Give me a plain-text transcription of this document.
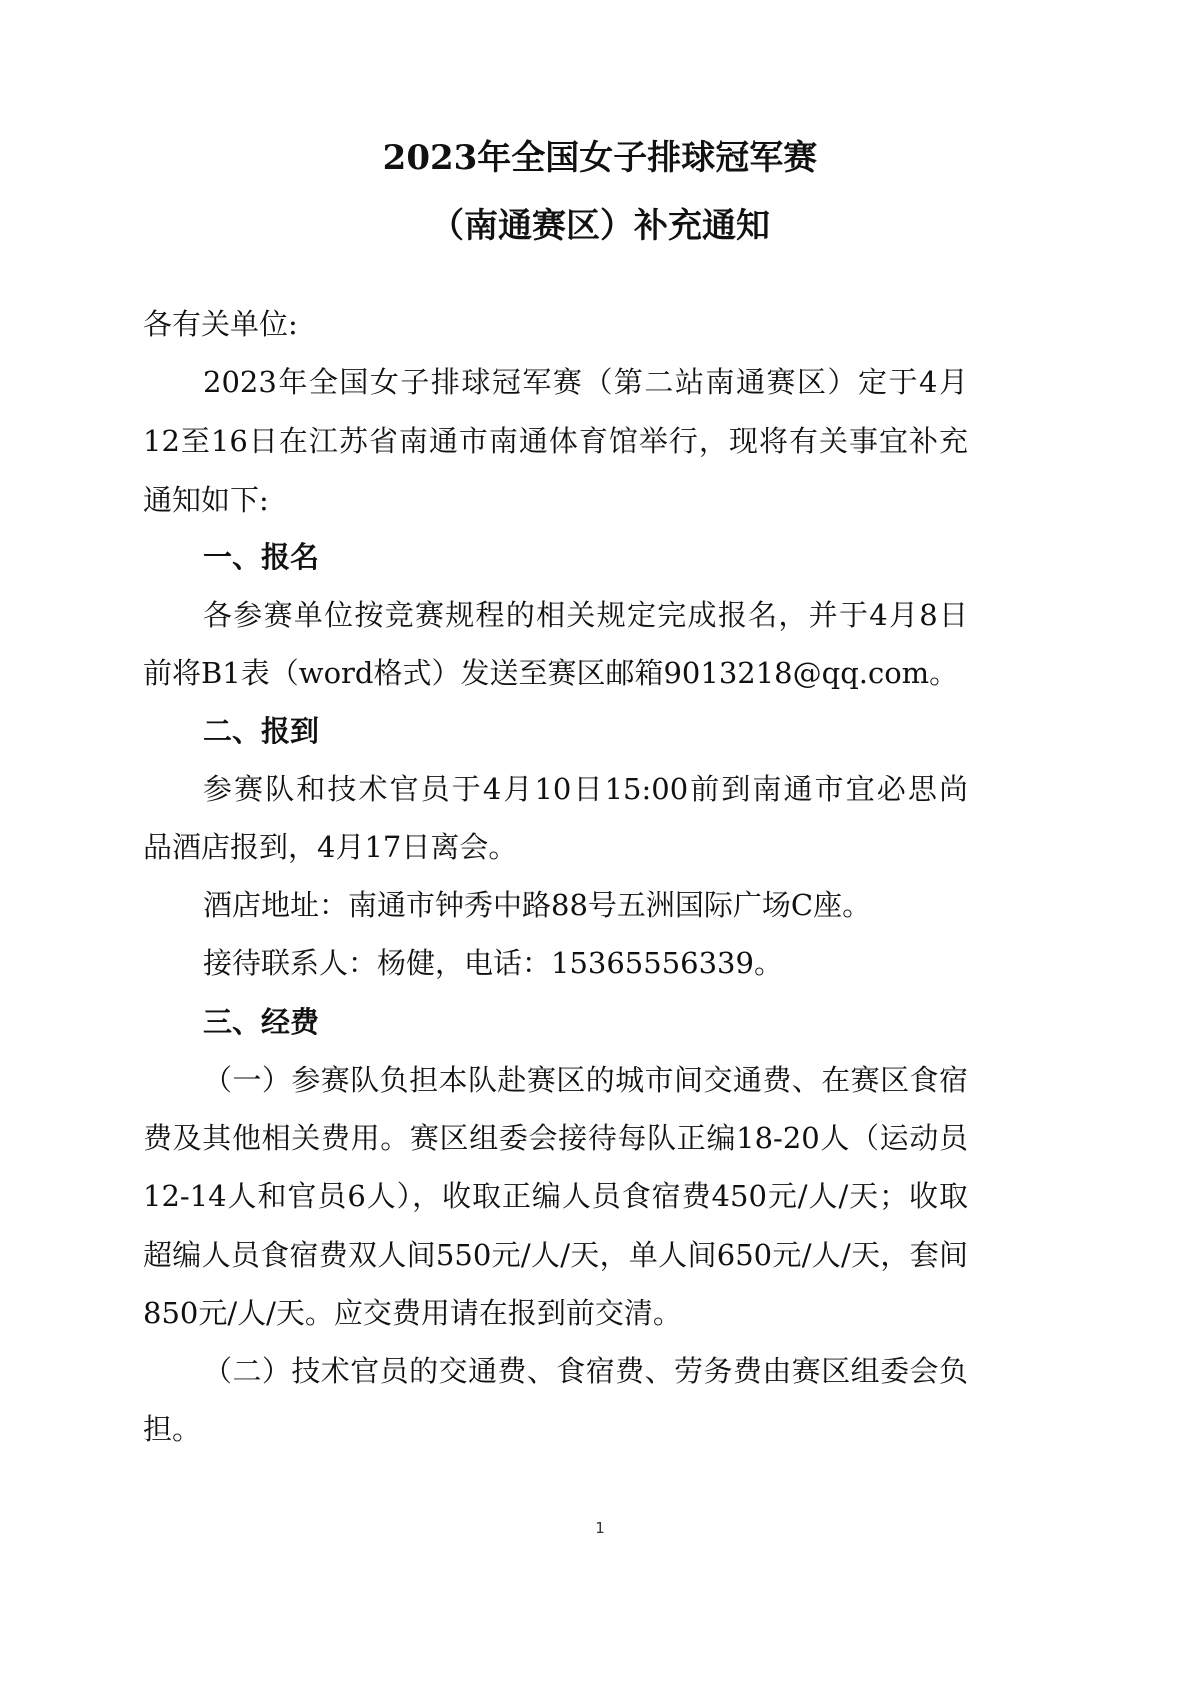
2023年全国女子排球冠军赛
（南通赛区）补充通知
各有关单位:
2023年全国女子排球冠军赛（第二站南通赛区）定于4月
12至16日在江苏省南通市南通体育馆举行，现将有关事宜补充
通知如下:
一、报名
各参赛单位按竞赛规程的相关规定完成报名，并于4月8日
前将B1表（word格式）发送至赛区邮箱9013218@qq.com。
二、报到
参赛队和技术官员于4月10日15:00前到南通市宜必思尚
品酒店报到，4月17日离会。
酒店地址：南通市钟秀中路88号五洲国际广场C座。
接待联系人：杨健，电话：15365556339。
三、经费
（一）参赛队负担本队赴赛区的城市间交通费、在赛区食宿
费及其他相关费用。赛区组委会接待每队正编18-20人（运动员
12-14人和官员6人），收取正编人员食宿费450元/人/天；收取
超编人员食宿费双人间550元/人/天，单人间650元/人/天，套间
850元/人/天。应交费用请在报到前交清。
（二）技术官员的交通费、食宿费、劳务费由赛区组委会负
担。
1
